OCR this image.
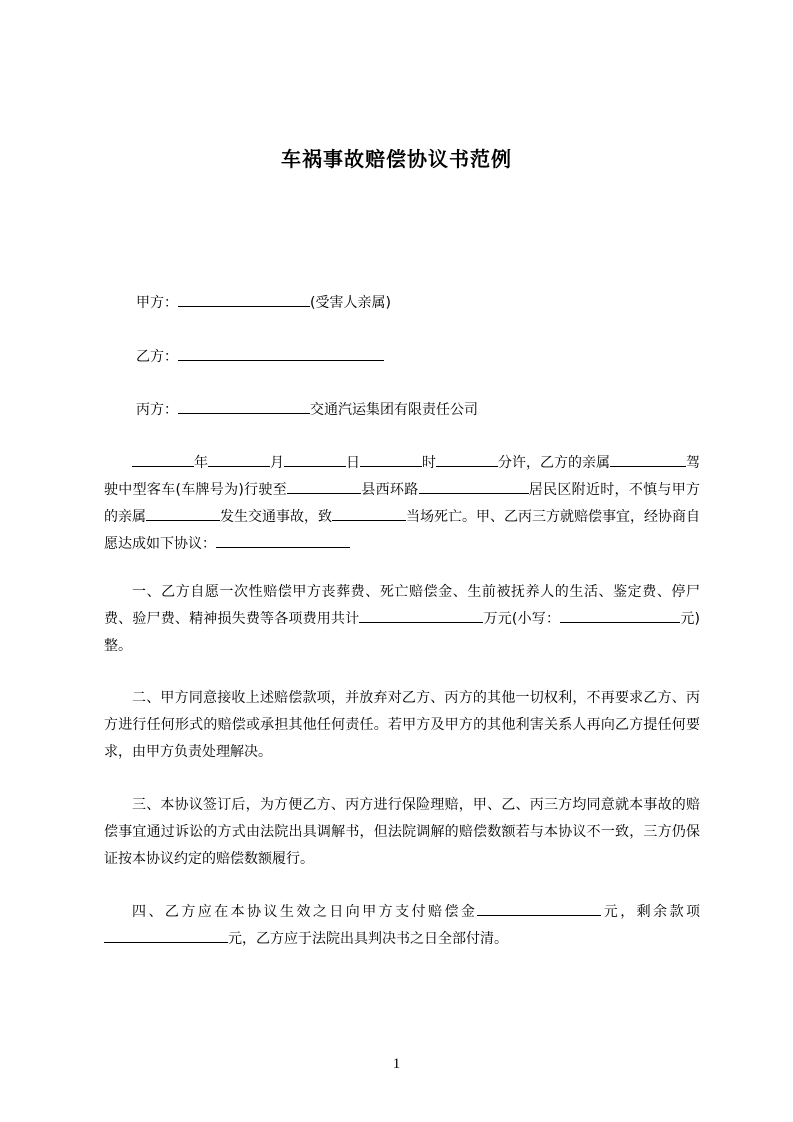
车祸事故赔偿协议书范例
甲方：	(受害人亲属)
乙方：
丙方：	交通汽运集团有限责任公司
年	月	日	时	分许，乙方的亲属	驾驶中型客车(车牌号为)行驶至	县西环路	居民区附近时，不慎与甲方的亲属	发生交通事故，致	当场死亡。甲、乙丙三方就赔偿事宜，经协商自愿达成如下协议：
一、乙方自愿一次性赔偿甲方丧葬费、死亡赔偿金、生前被抚养人的生活、鉴定费、停尸费、验尸费、精神损失费等各项费用共计	万元(小写：	元)整。
二、甲方同意接收上述赔偿款项，并放弃对乙方、丙方的其他一切权利，不再要求乙方、丙方进行任何形式的赔偿或承担其他任何责任。若甲方及甲方的其他利害关系人再向乙方提任何要求，由甲方负责处理解决。
三、本协议签订后，为方便乙方、丙方进行保险理赔，甲、乙、丙三方均同意就本事故的赔偿事宜通过诉讼的方式由法院出具调解书，但法院调解的赔偿数额若与本协议不一致，三方仍保证按本协议约定的赔偿数额履行。
四、乙方应在本协议生效之日向甲方支付赔偿金	元，剩余款项元，乙方应于法院出具判决书之日全部付清。
1
